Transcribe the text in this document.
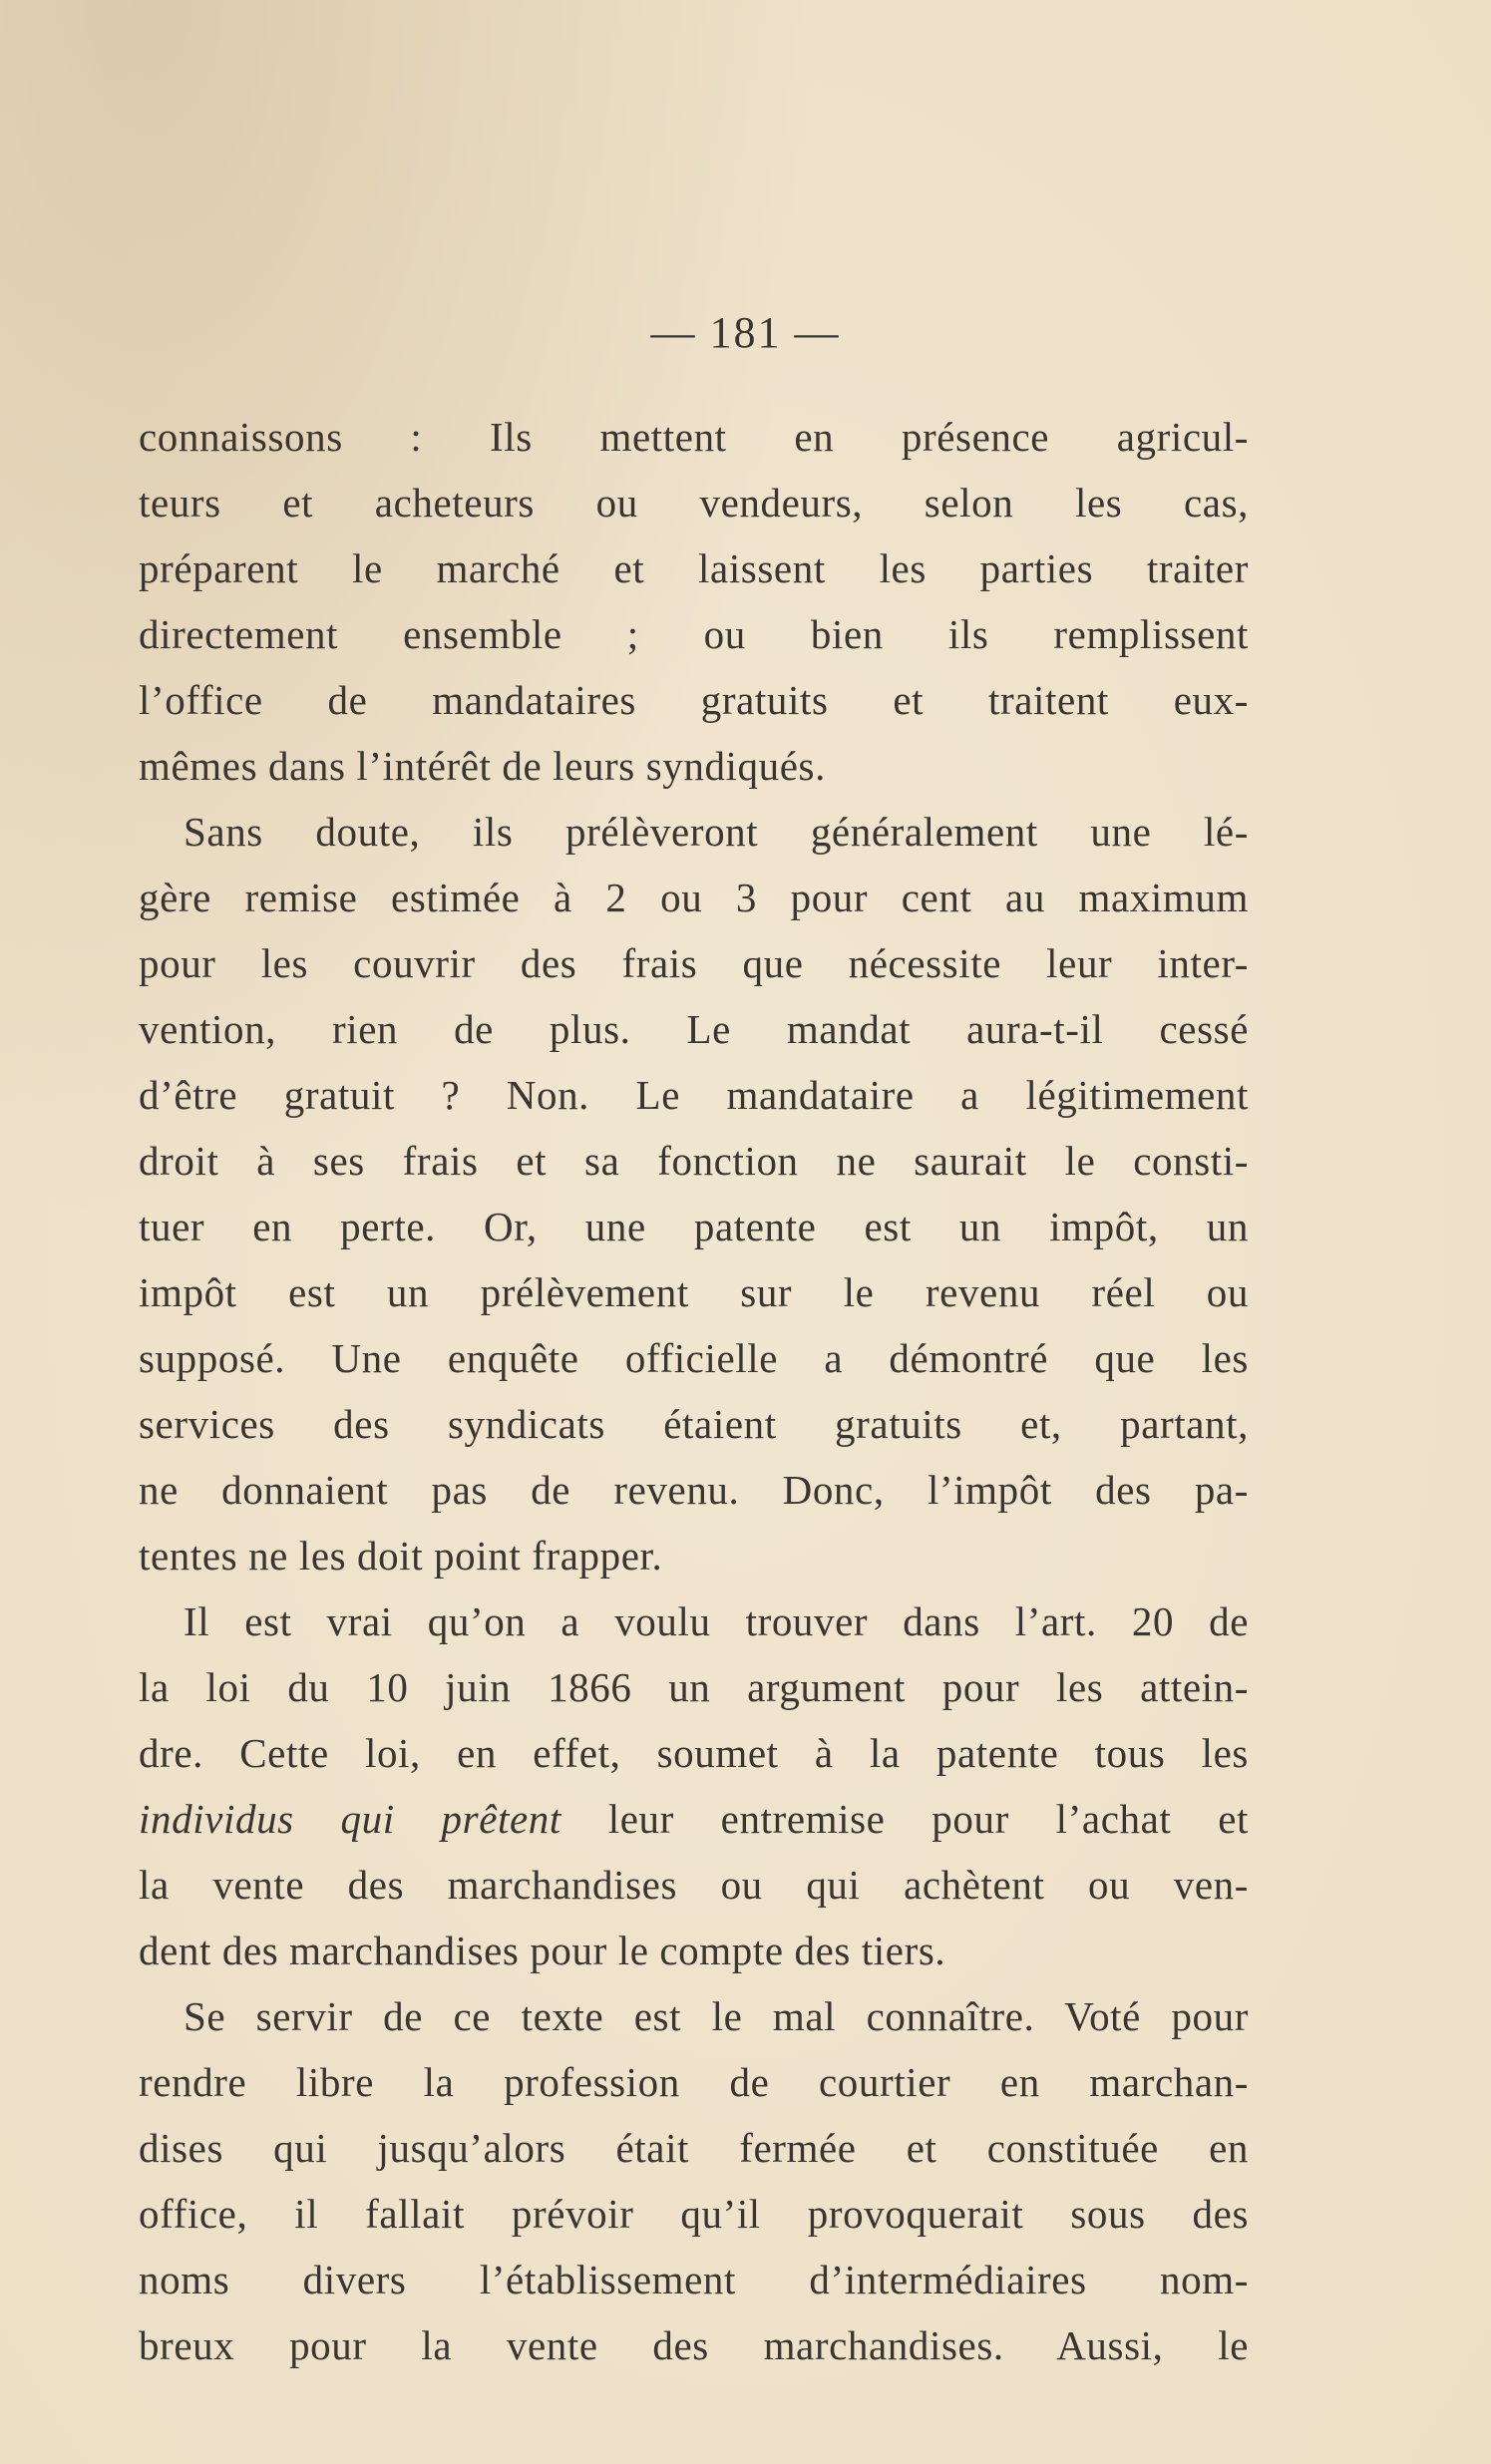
— 181 —
connaissons : Ils mettent en présence agricul-
teurs et acheteurs ou vendeurs, selon les cas,
préparent le marché et laissent les parties traiter
directement ensemble ; ou bien ils remplissent
l’office de mandataires gratuits et traitent eux-
mêmes dans l’intérêt de leurs syndiqués.
Sans doute, ils prélèveront généralement une lé-
gère remise estimée à 2 ou 3 pour cent au maximum
pour les couvrir des frais que nécessite leur inter-
vention, rien de plus. Le mandat aura-t-il cessé
d’être gratuit ? Non. Le mandataire a légitimement
droit à ses frais et sa fonction ne saurait le consti-
tuer en perte. Or, une patente est un impôt, un
impôt est un prélèvement sur le revenu réel ou
supposé. Une enquête officielle a démontré que les
services des syndicats étaient gratuits et, partant,
ne donnaient pas de revenu. Donc, l’impôt des pa-
tentes ne les doit point frapper.
Il est vrai qu’on a voulu trouver dans l’art. 20 de
la loi du 10 juin 1866 un argument pour les attein-
dre. Cette loi, en effet, soumet à la patente tous les
individus qui prêtent leur entremise pour l’achat et
la vente des marchandises ou qui achètent ou ven-
dent des marchandises pour le compte des tiers.
Se servir de ce texte est le mal connaître. Voté pour
rendre libre la profession de courtier en marchan-
dises qui jusqu’alors était fermée et constituée en
office, il fallait prévoir qu’il provoquerait sous des
noms divers l’établissement d’intermédiaires nom-
breux pour la vente des marchandises. Aussi, le
